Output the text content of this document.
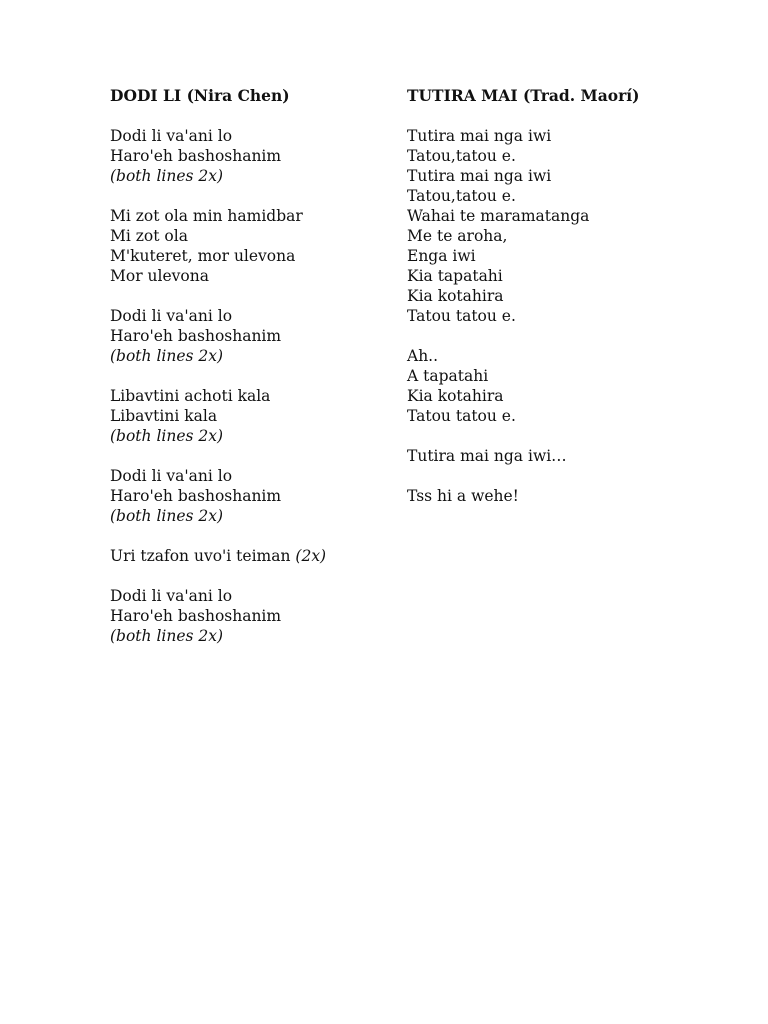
DODI LI (Nira Chen)
Dodi li va'ani lo
Haro'eh bashoshanim
(both lines 2x)
Mi zot ola min hamidbar
Mi zot ola
M'kuteret, mor ulevona
Mor ulevona
Dodi li va'ani lo
Haro'eh bashoshanim
(both lines 2x)
Libavtini achoti kala
Libavtini kala
(both lines 2x)
Dodi li va'ani lo
Haro'eh bashoshanim
(both lines 2x)
Uri tzafon uvo'i teiman (2x)
Dodi li va'ani lo
Haro'eh bashoshanim
(both lines 2x)
TUTIRA MAI (Trad. Maorí)
Tutira mai nga iwi
Tatou,tatou e.
Tutira mai nga iwi
Tatou,tatou e.
Wahai te maramatanga
Me te aroha,
Enga iwi
Kia tapatahi
Kia kotahira
Tatou tatou e.
Ah..
A tapatahi
Kia kotahira
Tatou tatou e.
Tutira mai nga iwi…
Tss hi a wehe!
